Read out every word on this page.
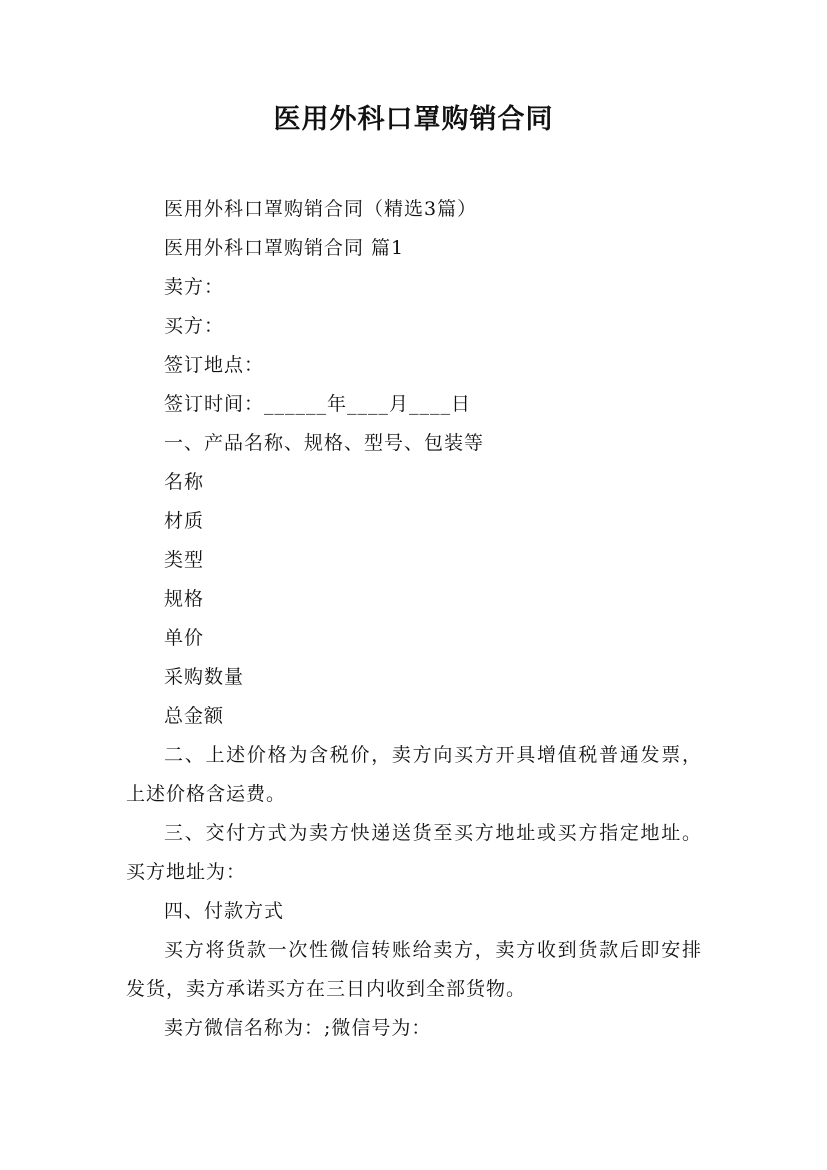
医用外科口罩购销合同

医用外科口罩购销合同（精选3篇）

医用外科口罩购销合同 篇1

卖方：

买方：

签订地点：

签订时间：______年____月____日

一、产品名称、规格、型号、包装等

名称

材质

类型

规格

单价

采购数量

总金额

二、上述价格为含税价，卖方向买方开具增值税普通发票，上述价格含运费。

三、交付方式为卖方快递送货至买方地址或买方指定地址。买方地址为：

四、付款方式

买方将货款一次性微信转账给卖方，卖方收到货款后即安排发货，卖方承诺买方在三日内收到全部货物。

卖方微信名称为：;微信号为：
